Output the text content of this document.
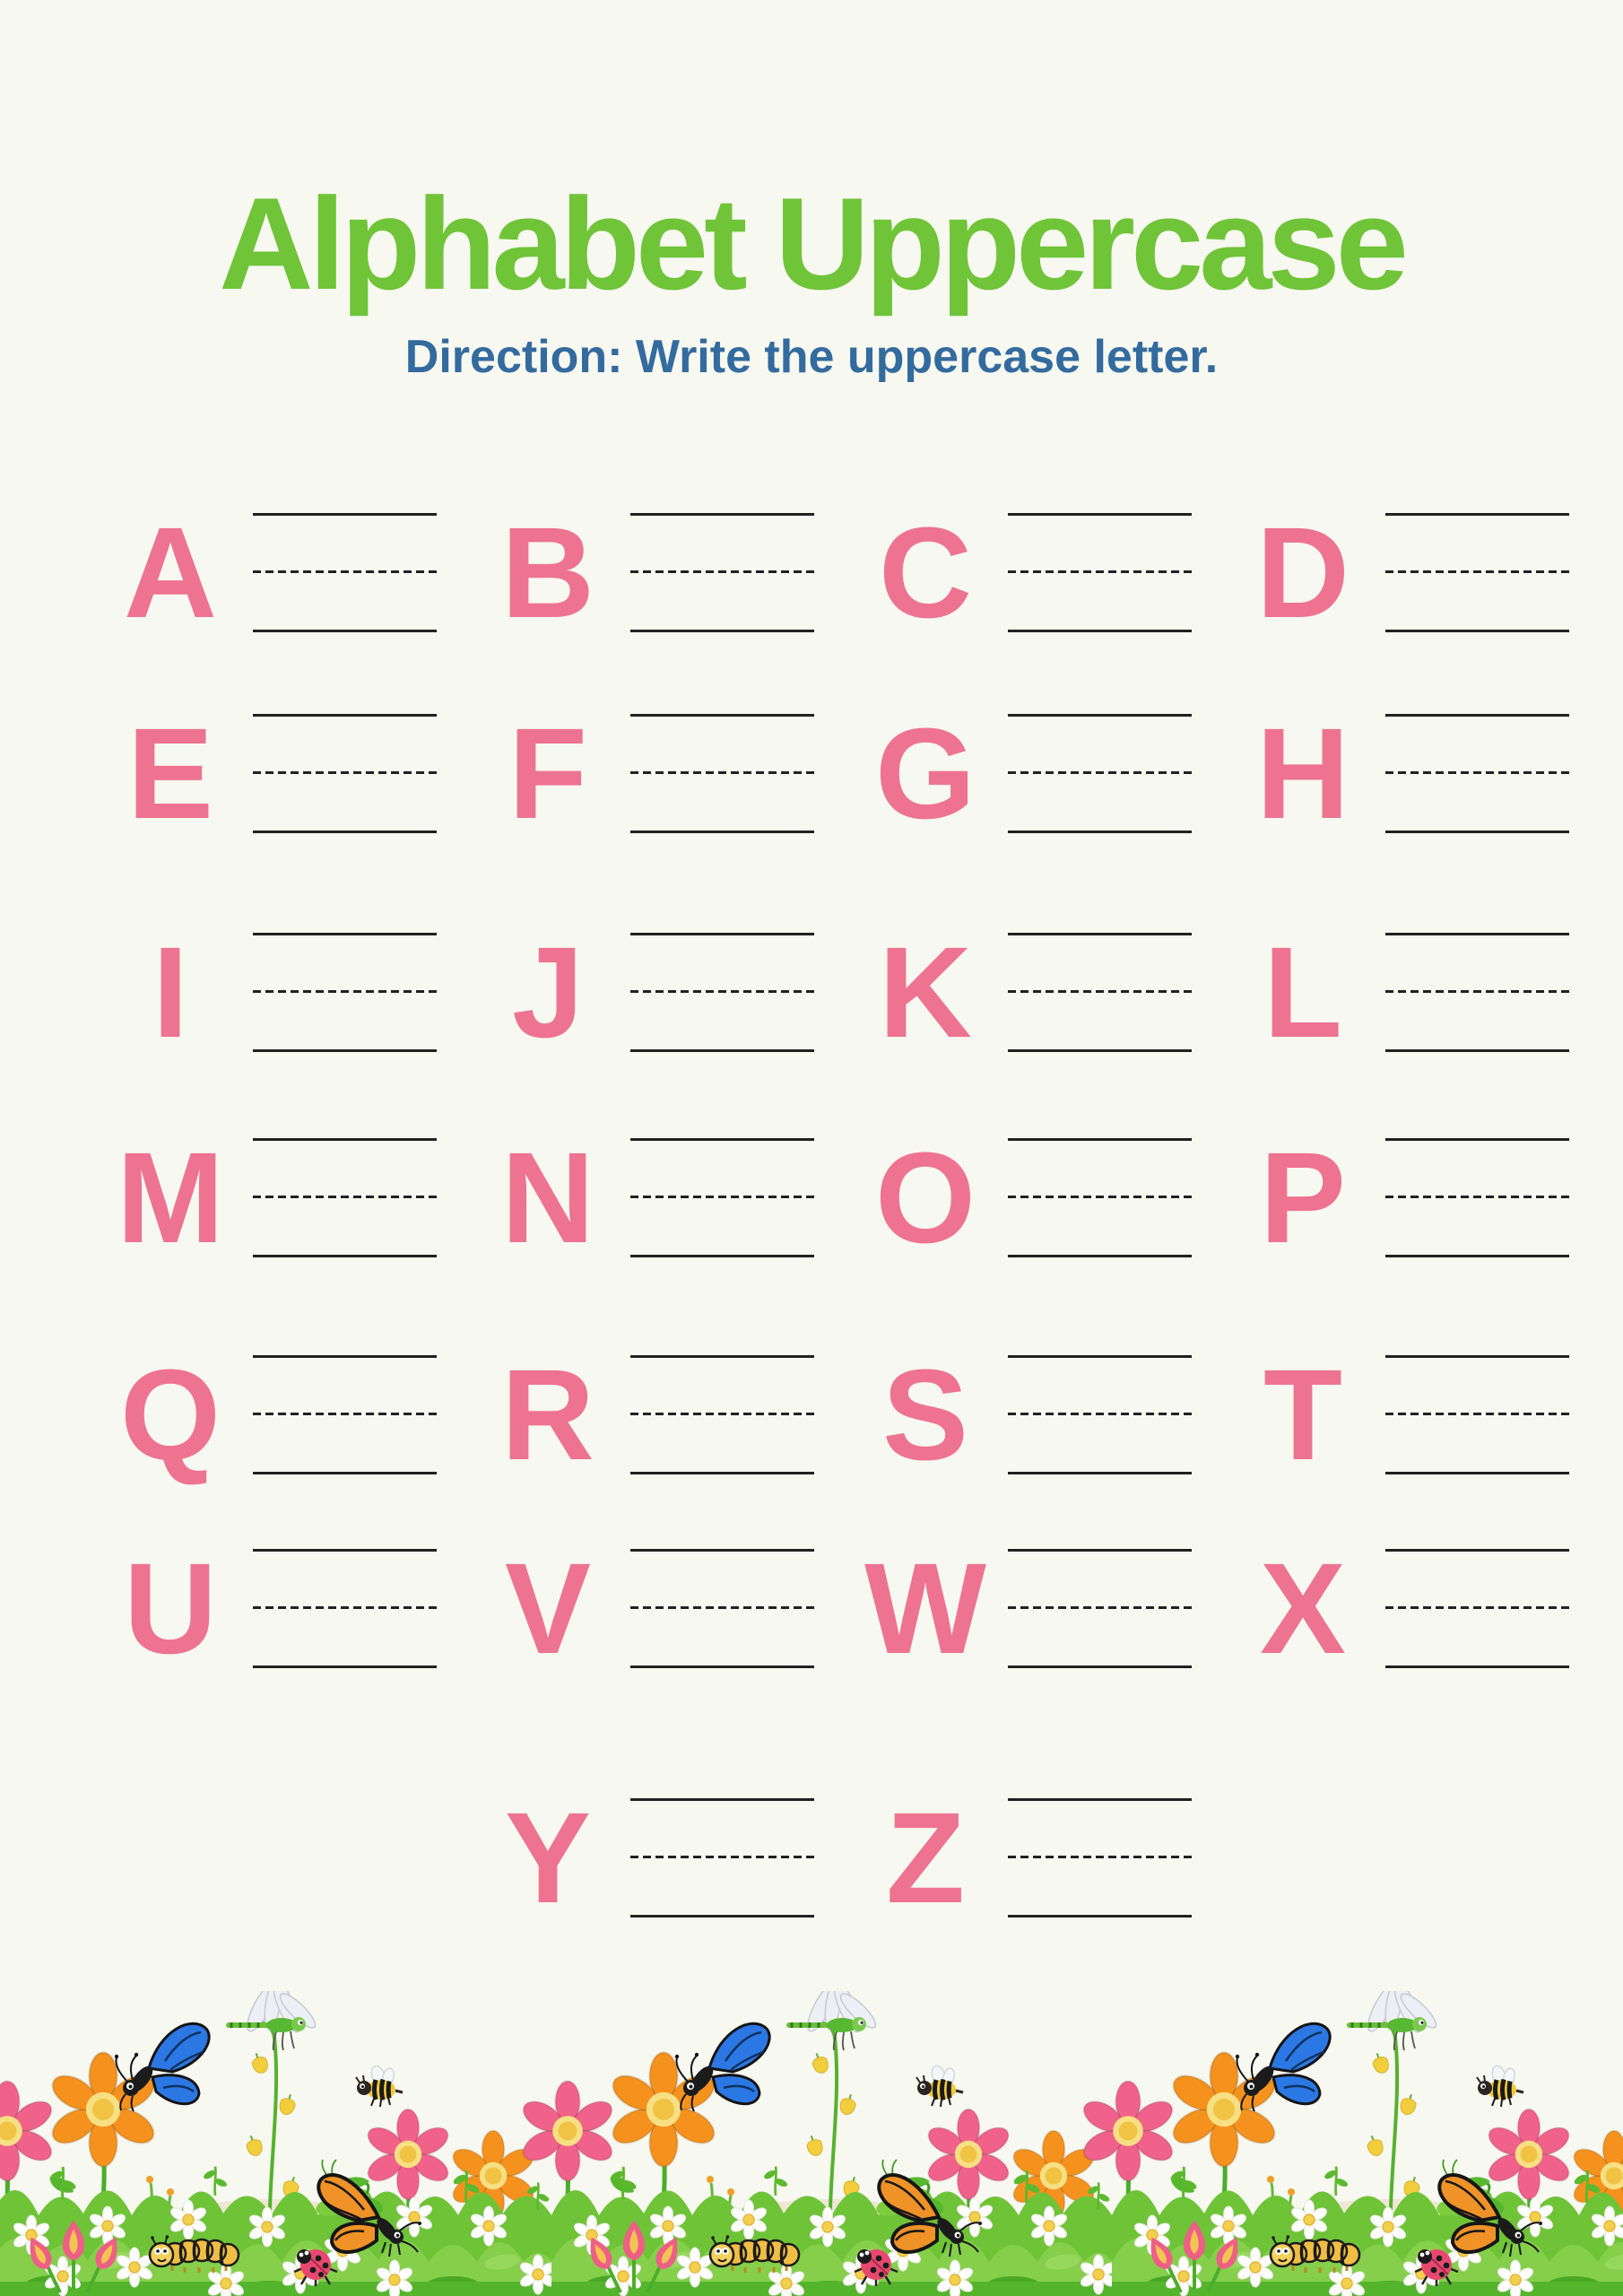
Alphabet Uppercase

Direction: Write the uppercase letter.

A B C D
E	F	G H
I	J	K	L
M N O P
Q R S	T
U V W X
Y	Z
